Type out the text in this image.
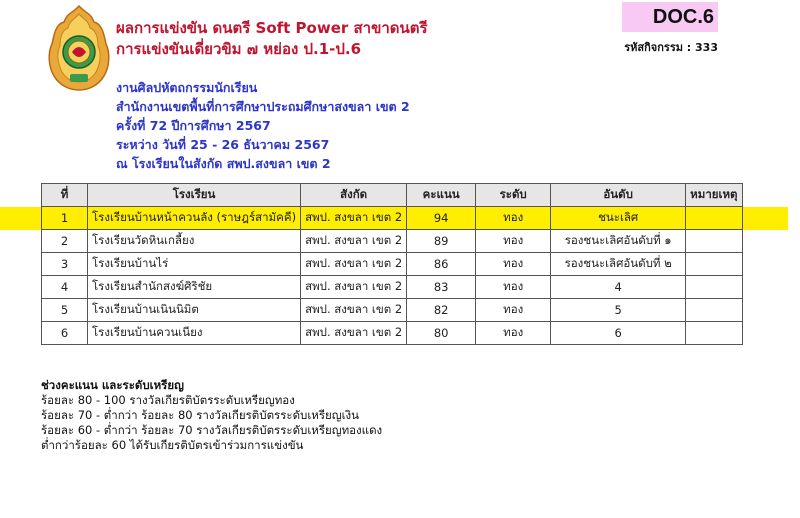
ผลการแข่งขัน ดนตรี Soft Power สาขาดนตรี
การแข่งขันเดี่ยวขิม ๗ หย่อง ป.1-ป.6
DOC.6
รหัสกิจกรรม : 333
งานศิลปหัตถกรรมนักเรียน
สำนักงานเขตพื้นที่การศึกษาประถมศึกษาสงขลา เขต 2
ครั้งที่ 72 ปีการศึกษา 2567
ระหว่าง วันที่ 25 - 26 ธันวาคม 2567
ณ โรงเรียนในสังกัด สพป.สงขลา เขต 2
ที่	โรงเรียน	สังกัด	คะแนน	ระดับ	อันดับ	หมายเหตุ
1	โรงเรียนบ้านหน้าควนลัง (ราษฎร์สามัคคี)	สพป. สงขลา เขต 2	94	ทอง	ชนะเลิศ	
2	โรงเรียนวัดหินเกลี้ยง	สพป. สงขลา เขต 2	89	ทอง	รองชนะเลิศอันดับที่ ๑	
3	โรงเรียนบ้านไร่	สพป. สงขลา เขต 2	86	ทอง	รองชนะเลิศอันดับที่ ๒	
4	โรงเรียนสำนักสงฆ์ศิริชัย	สพป. สงขลา เขต 2	83	ทอง	4	
5	โรงเรียนบ้านเนินนิมิต	สพป. สงขลา เขต 2	82	ทอง	5	
6	โรงเรียนบ้านควนเนียง	สพป. สงขลา เขต 2	80	ทอง	6	
ช่วงคะแนน และระดับเหรียญ
ร้อยละ 80 - 100 รางวัลเกียรติบัตรระดับเหรียญทอง
ร้อยละ 70 - ต่ำกว่า ร้อยละ 80 รางวัลเกียรติบัตรระดับเหรียญเงิน
ร้อยละ 60 - ต่ำกว่า ร้อยละ 70 รางวัลเกียรติบัตรระดับเหรียญทองแดง
ต่ำกว่าร้อยละ 60 ได้รับเกียรติบัตรเข้าร่วมการแข่งขัน
